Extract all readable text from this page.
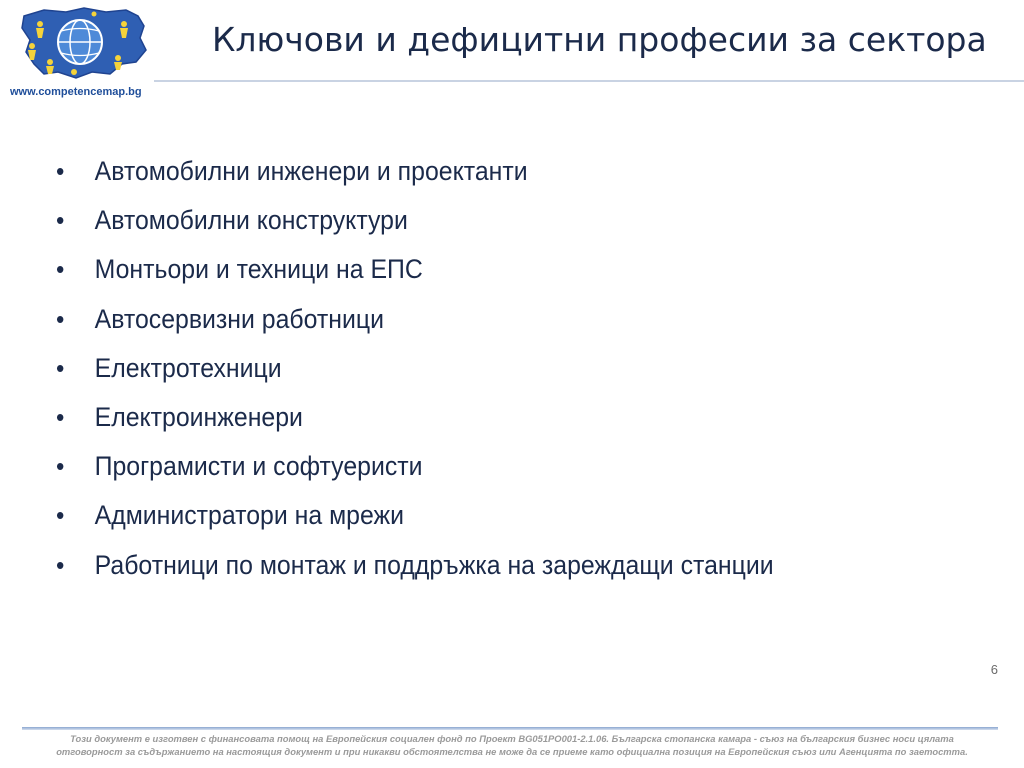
www.competencemap.bg
Ключови и дефицитни професии за сектора
• Автомобилни инженери и проектанти
• Автомобилни конструктури
• Монтьори и техници на ЕПС
• Автосервизни работници
• Електротехници
• Електроинженери
• Програмисти и софтуеристи
• Администратори на мрежи
• Работници по монтаж и поддръжка на зареждащи станции
6
Този документ е изготвен с финансовата помощ на Европейския социален фонд по Проект BG051PO001-2.1.06. Българска стопанска камара - съюз на българския бизнес носи цялата
отговорност за съдържанието на настоящия документ и при никакви обстоятелства не може да се приеме като официална позиция на Европейския съюз или Агенцията по заетостта.
